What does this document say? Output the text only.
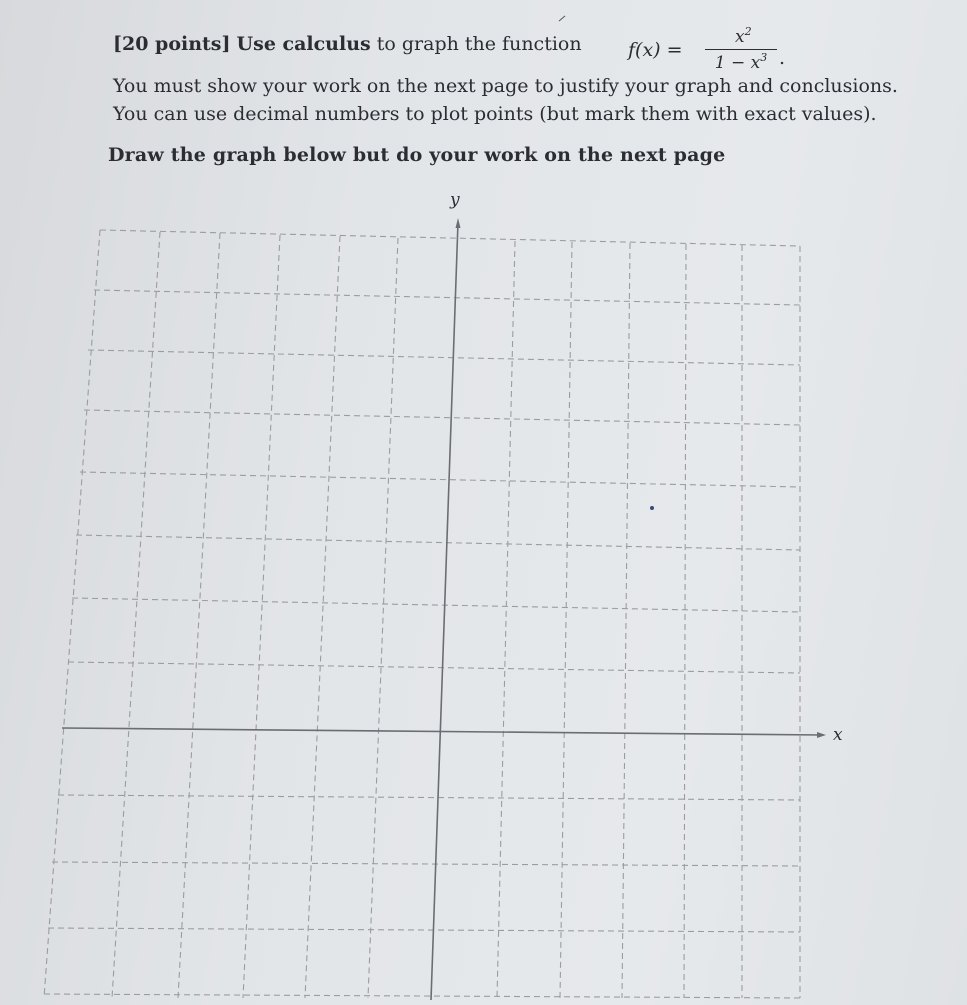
[20 points] Use calculus to graph the function f(x) =
$x^2$
$1 - x^3$ .
You must show your work on the next page to justify your graph and conclusions.
You can use decimal numbers to plot points (but mark them with exact values).
Draw the graph below but do your work on the next page
y
x
